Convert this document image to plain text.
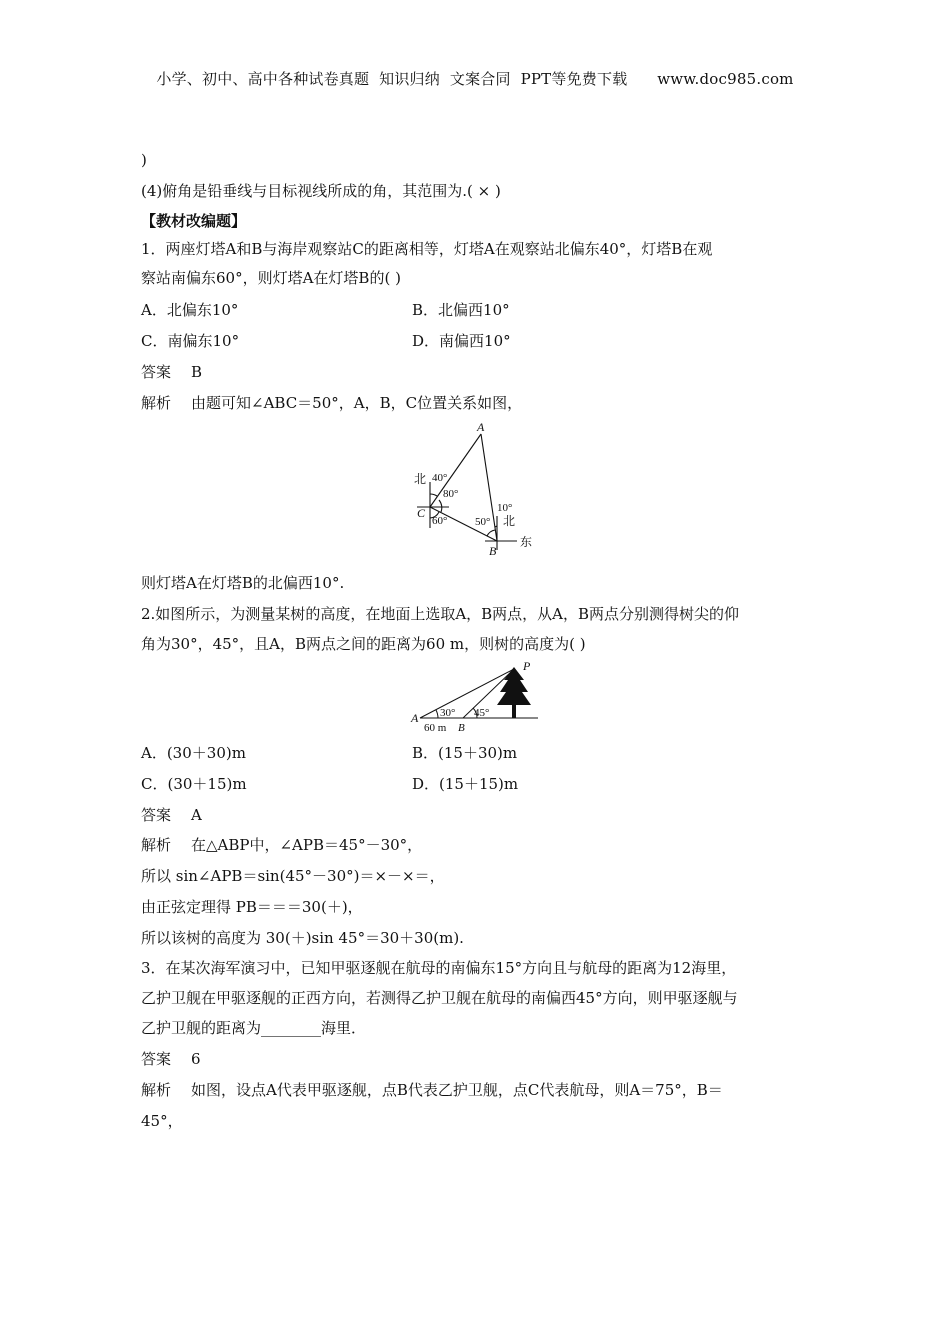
小学、初中、高中各种试卷真题  知识归纳  文案合同  PPT等免费下载      www.doc985.com
)
(4)俯角是铅垂线与目标视线所成的角，其范围为.( × )
【教材改编题】
1．两座灯塔A和B与海岸观察站C的距离相等，灯塔A在观察站北偏东40°，灯塔B在观
察站南偏东60°，则灯塔A在灯塔B的( )
A．北偏东10°	B．北偏西10°
C．南偏东10°	D．南偏西10°
答案 B
解析 由题可知∠ABC＝50°，A，B，C位置关系如图，
则灯塔A在灯塔B的北偏西10°.
2.如图所示，为测量某树的高度，在地面上选取A，B两点，从A，B两点分别测得树尖的仰
角为30°，45°，且A，B两点之间的距离为60 m，则树的高度为( )
A．(30＋30)m	B．(15＋30)m
C．(30＋15)m	D．(15＋15)m
答案 A
解析 在△ABP中，∠APB＝45°－30°，
所以 sin∠APB＝sin(45°－30°)＝×－×＝，
由正弦定理得 PB＝＝＝30(＋)，
所以该树的高度为 30(＋)sin 45°＝30＋30(m).
3．在某次海军演习中，已知甲驱逐舰在航母的南偏东15°方向且与航母的距离为12海里，
乙护卫舰在甲驱逐舰的正西方向，若测得乙护卫舰在航母的南偏西45°方向，则甲驱逐舰与
乙护卫舰的距离为________海里．
答案 6
解析 如图，设点A代表甲驱逐舰，点B代表乙护卫舰，点C代表航母，则A＝75°，B＝
45°，
A
北 40°
80°
C
60°
10°
50° 北
B
东
P
A 30° 45°
60 m B
